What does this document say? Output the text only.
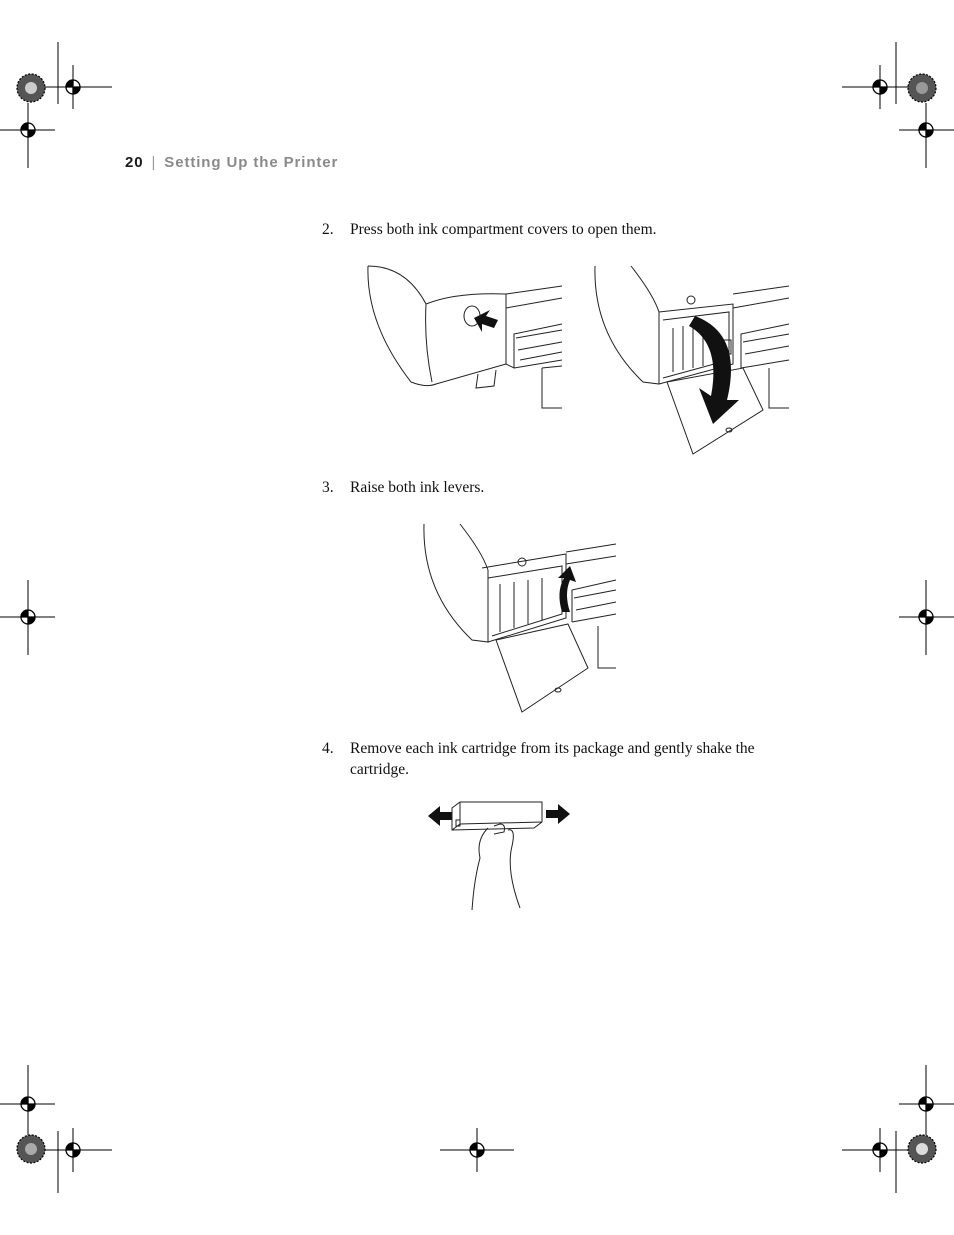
20 | Setting Up the Printer
2. Press both ink compartment covers to open them.
3. Raise both ink levers.
4. Remove each ink cartridge from its package and gently shake the cartridge.
